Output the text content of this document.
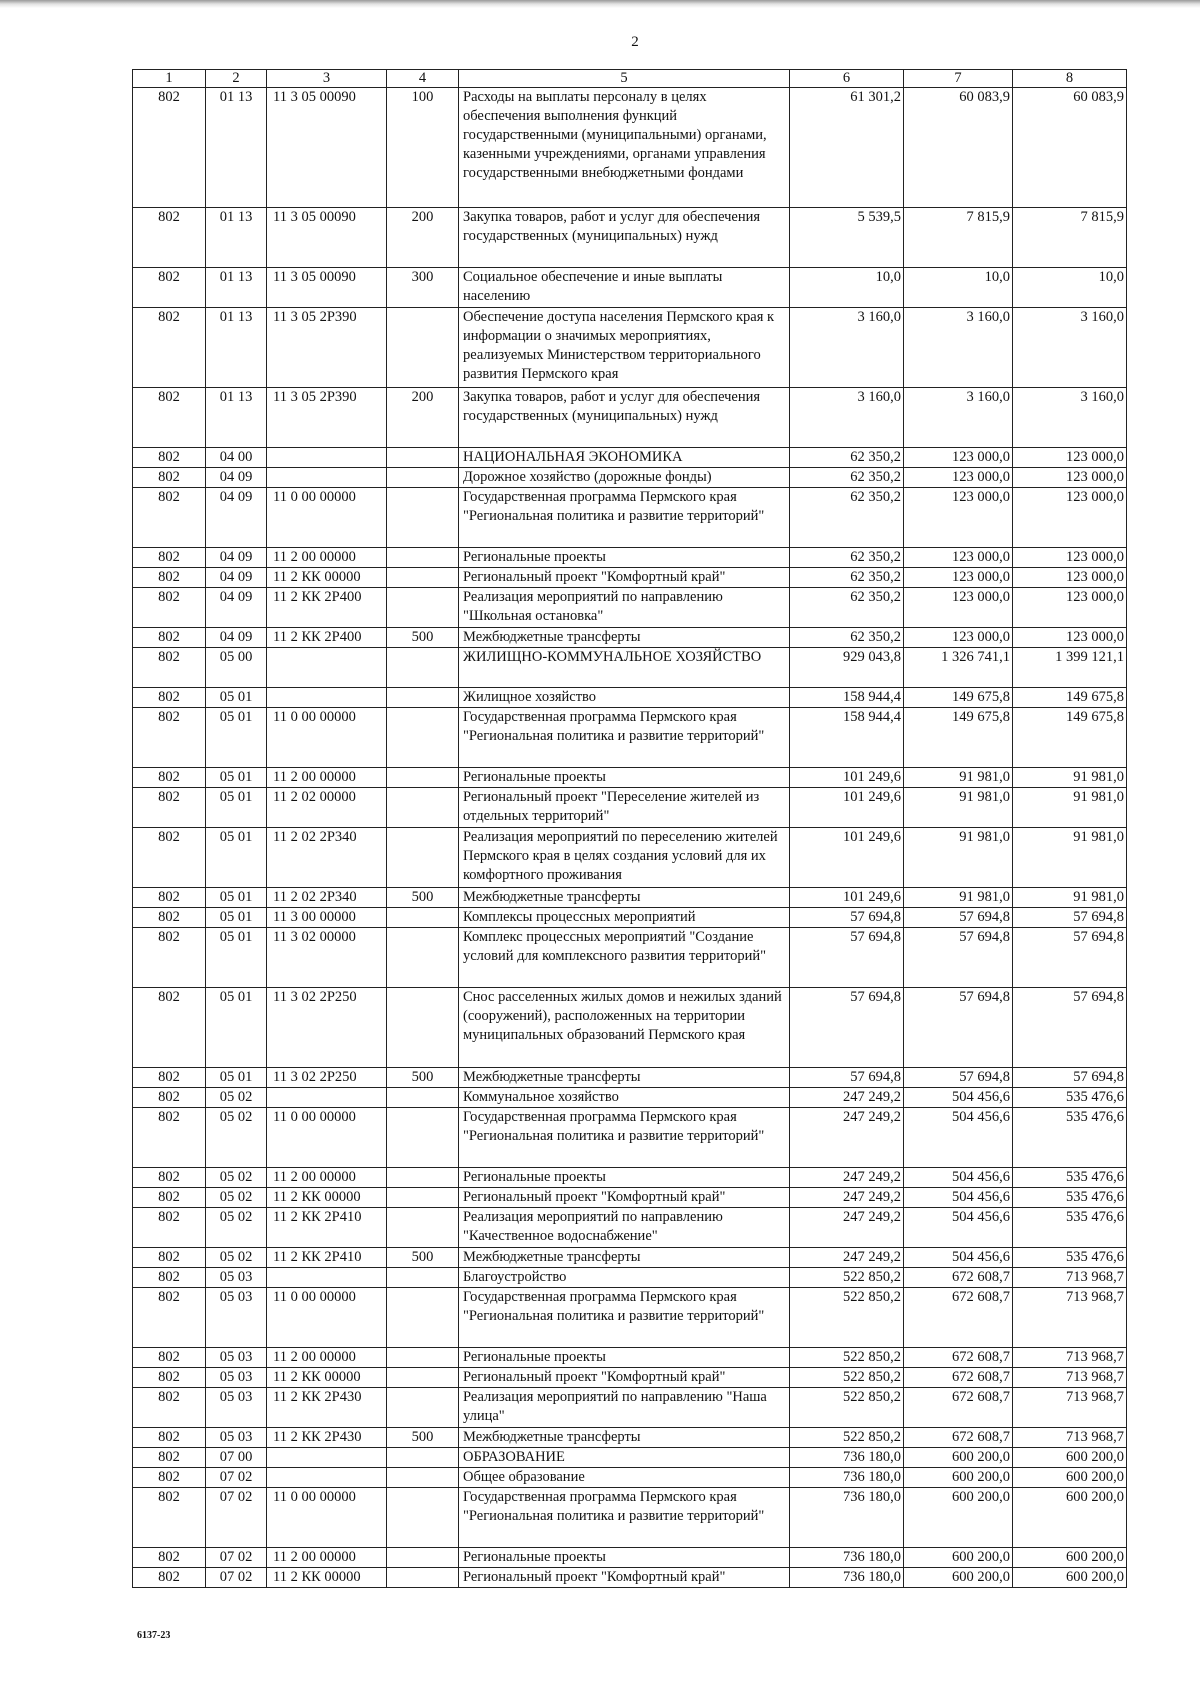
2
1	2	3	4	5	6	7	8
802	01 13	11 3 05 00090	100	Расходы на выплаты персоналу в целях обеспечения выполнения функций государственными (муниципальными) органами, казенными учреждениями, органами управления государственными внебюджетными фондами	61 301,2	60 083,9	60 083,9
802	01 13	11 3 05 00090	200	Закупка товаров, работ и услуг для обеспечения государственных (муниципальных) нужд	5 539,5	7 815,9	7 815,9
802	01 13	11 3 05 00090	300	Социальное обеспечение и иные выплаты населению	10,0	10,0	10,0
802	01 13	11 3 05 2Р390		Обеспечение доступа населения Пермского края к информации о значимых мероприятиях, реализуемых Министерством территориального развития Пермского края	3 160,0	3 160,0	3 160,0
802	01 13	11 3 05 2Р390	200	Закупка товаров, работ и услуг для обеспечения государственных (муниципальных) нужд	3 160,0	3 160,0	3 160,0
802	04 00			НАЦИОНАЛЬНАЯ ЭКОНОМИКА	62 350,2	123 000,0	123 000,0
802	04 09			Дорожное хозяйство (дорожные фонды)	62 350,2	123 000,0	123 000,0
802	04 09	11 0 00 00000		Государственная программа Пермского края "Региональная политика и развитие территорий"	62 350,2	123 000,0	123 000,0
802	04 09	11 2 00 00000		Региональные проекты	62 350,2	123 000,0	123 000,0
802	04 09	11 2 КК 00000		Региональный проект "Комфортный край"	62 350,2	123 000,0	123 000,0
802	04 09	11 2 КК 2Р400		Реализация мероприятий по направлению "Школьная остановка"	62 350,2	123 000,0	123 000,0
802	04 09	11 2 КК 2Р400	500	Межбюджетные трансферты	62 350,2	123 000,0	123 000,0
802	05 00			ЖИЛИЩНО-КОММУНАЛЬНОЕ ХОЗЯЙСТВО	929 043,8	1 326 741,1	1 399 121,1
802	05 01			Жилищное хозяйство	158 944,4	149 675,8	149 675,8
802	05 01	11 0 00 00000		Государственная программа Пермского края "Региональная политика и развитие территорий"	158 944,4	149 675,8	149 675,8
802	05 01	11 2 00 00000		Региональные проекты	101 249,6	91 981,0	91 981,0
802	05 01	11 2 02 00000		Региональный проект "Переселение жителей из отдельных территорий"	101 249,6	91 981,0	91 981,0
802	05 01	11 2 02 2Р340		Реализация мероприятий по переселению жителей Пермского края в целях создания условий для их комфортного проживания	101 249,6	91 981,0	91 981,0
802	05 01	11 2 02 2Р340	500	Межбюджетные трансферты	101 249,6	91 981,0	91 981,0
802	05 01	11 3 00 00000		Комплексы процессных мероприятий	57 694,8	57 694,8	57 694,8
802	05 01	11 3 02 00000		Комплекс процессных мероприятий "Создание условий для комплексного развития территорий"	57 694,8	57 694,8	57 694,8
802	05 01	11 3 02 2Р250		Снос расселенных жилых домов и нежилых зданий (сооружений), расположенных на территории муниципальных образований Пермского края	57 694,8	57 694,8	57 694,8
802	05 01	11 3 02 2Р250	500	Межбюджетные трансферты	57 694,8	57 694,8	57 694,8
802	05 02			Коммунальное хозяйство	247 249,2	504 456,6	535 476,6
802	05 02	11 0 00 00000		Государственная программа Пермского края "Региональная политика и развитие территорий"	247 249,2	504 456,6	535 476,6
802	05 02	11 2 00 00000		Региональные проекты	247 249,2	504 456,6	535 476,6
802	05 02	11 2 КК 00000		Региональный проект "Комфортный край"	247 249,2	504 456,6	535 476,6
802	05 02	11 2 КК 2Р410		Реализация мероприятий по направлению "Качественное водоснабжение"	247 249,2	504 456,6	535 476,6
802	05 02	11 2 КК 2Р410	500	Межбюджетные трансферты	247 249,2	504 456,6	535 476,6
802	05 03			Благоустройство	522 850,2	672 608,7	713 968,7
802	05 03	11 0 00 00000		Государственная программа Пермского края "Региональная политика и развитие территорий"	522 850,2	672 608,7	713 968,7
802	05 03	11 2 00 00000		Региональные проекты	522 850,2	672 608,7	713 968,7
802	05 03	11 2 КК 00000		Региональный проект "Комфортный край"	522 850,2	672 608,7	713 968,7
802	05 03	11 2 КК 2Р430		Реализация мероприятий по направлению "Наша улица"	522 850,2	672 608,7	713 968,7
802	05 03	11 2 КК 2Р430	500	Межбюджетные трансферты	522 850,2	672 608,7	713 968,7
802	07 00			ОБРАЗОВАНИЕ	736 180,0	600 200,0	600 200,0
802	07 02			Общее образование	736 180,0	600 200,0	600 200,0
802	07 02	11 0 00 00000		Государственная программа Пермского края "Региональная политика и развитие территорий"	736 180,0	600 200,0	600 200,0
802	07 02	11 2 00 00000		Региональные проекты	736 180,0	600 200,0	600 200,0
802	07 02	11 2 КК 00000		Региональный проект "Комфортный край"	736 180,0	600 200,0	600 200,0
6137-23
